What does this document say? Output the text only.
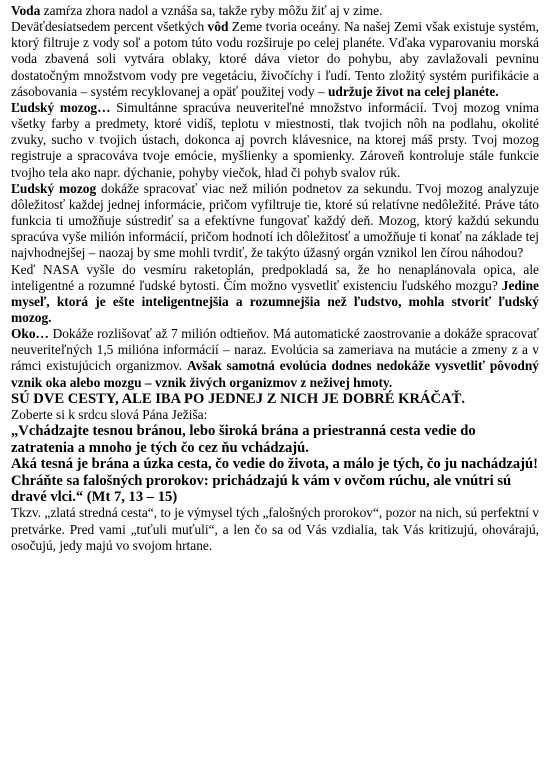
Voda zamŕza zhora nadol a vznáša sa, takže ryby môžu žiť aj v zime.

Deväťdesiatsedem percent všetkých vôd Zeme tvoria oceány. Na našej Zemi však existuje systém, ktorý filtruje z vody soľ a potom túto vodu rozširuje po celej planéte. Vďaka vyparovaniu morská voda zbavená soli vytvára oblaky, ktoré dáva vietor do pohybu, aby zavlažovali pevninu dostatočným množstvom vody pre vegetáciu, živočíchy i ľudí. Tento zložitý systém purifikácie a zásobovania – systém recyklovanej a opäť použitej vody – udržuje život na celej planéte.

Ľudský mozog… Simultánne spracúva neuveriteľné množstvo informácií. Tvoj mozog vníma všetky farby a predmety, ktoré vidíš, teplotu v miestnosti, tlak tvojich nôh na podlahu, okolité zvuky, sucho v tvojich ústach, dokonca aj povrch klávesnice, na ktorej máš prsty. Tvoj mozog registruje a spracováva tvoje emócie, myšlienky a spomienky. Zároveň kontroluje stále funkcie tvojho tela ako napr. dýchanie, pohyby viečok, hlad či pohyb svalov rúk.

Ľudský mozog dokáže spracovať viac než milión podnetov za sekundu. Tvoj mozog analyzuje dôležitosť každej jednej informácie, pričom vyfiltruje tie, ktoré sú relatívne nedôležité. Práve táto funkcia ti umožňuje sústrediť sa a efektívne fungovať každý deň. Mozog, ktorý každú sekundu spracúva vyše milión informácií, pričom hodnotí ich dôležitosť a umožňuje ti konať na základe tej najvhodnejšej – naozaj by sme mohli tvrdiť, že takýto úžasný orgán vznikol len čírou náhodou?

Keď NASA vyšle do vesmíru raketoplán, predpokladá sa, že ho nenaplánovala opica, ale inteligentné a rozumné ľudské bytosti. Čím možno vysvetliť existenciu ľudského mozgu? Jedine myseľ, ktorá je ešte inteligentnejšia a rozumnejšia než ľudstvo, mohla stvoriť ľudský mozog.

Oko… Dokáže rozlišovať až 7 milión odtieňov. Má automatické zaostrovanie a dokáže spracovať neuveriteľných 1,5 milióna informácií – naraz. Evolúcia sa zameriava na mutácie a zmeny z a v rámci existujúcich organizmov. Avšak samotná evolúcia dodnes nedokáže vysvetliť pôvodný vznik oka alebo mozgu – vznik živých organizmov z neživej hmoty.

SÚ DVE CESTY, ALE IBA PO JEDNEJ Z NICH JE DOBRÉ KRÁČAŤ.

Zoberte si k srdcu slová Pána Ježiša:

„Vchádzajte tesnou bránou, lebo široká brána a priestranná cesta vedie do zatratenia a mnoho je tých čo cez ňu vchádzajú.

Aká tesná je brána a úzka cesta, čo vedie do života, a málo je tých, čo ju nachádzajú! Chráňte sa falošných prorokov: prichádzajú k vám v ovčom rúchu, ale vnútri sú dravé vlci.“ (Mt 7, 13 – 15)

Tkzv. „zlatá stredná cesta“, to je výmysel tých „falošných prorokov“, pozor na nich, sú perfektní v pretvárke. Pred vami „tuťuli muťuli“, a len čo sa od Vás vzdialia, tak Vás kritizujú, ohovárajú, osočujú, jedy majú vo svojom hrtane.
